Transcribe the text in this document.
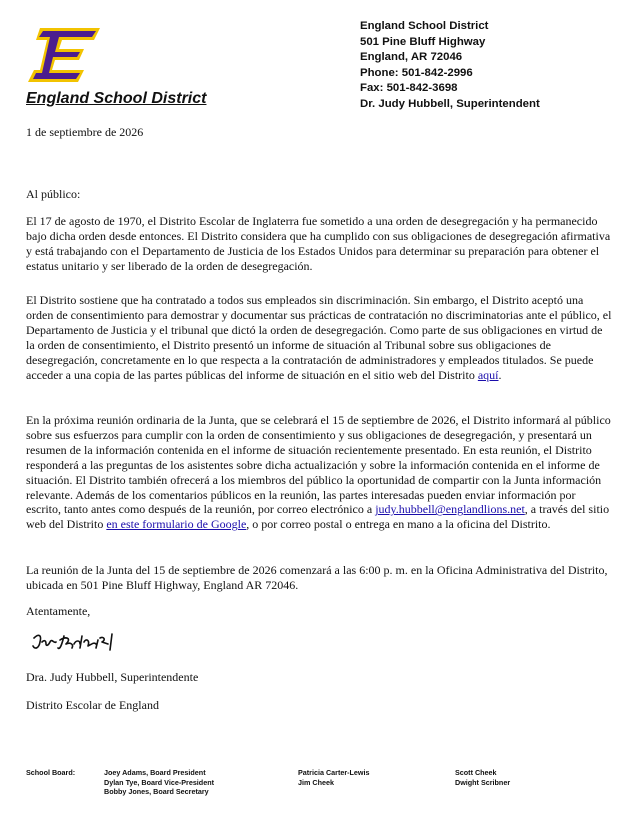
England School District
England School District
501 Pine Bluff Highway
England, AR 72046
Phone: 501-842-2996
Fax: 501-842-3698
Dr. Judy Hubbell, Superintendent
1 de septiembre de 2026
Al público:

El 17 de agosto de 1970, el Distrito Escolar de Inglaterra fue sometido a una orden de desegregación y ha permanecido bajo dicha orden desde entonces. El Distrito considera que ha cumplido con sus obligaciones de desegregación afirmativa y está trabajando con el Departamento de Justicia de los Estados Unidos para determinar su preparación para obtener el estatus unitario y ser liberado de la orden de desegregación.

El Distrito sostiene que ha contratado a todos sus empleados sin discriminación. Sin embargo, el Distrito aceptó una orden de consentimiento para demostrar y documentar sus prácticas de contratación no discriminatorias ante el público, el Departamento de Justicia y el tribunal que dictó la orden de desegregación. Como parte de sus obligaciones en virtud de la orden de consentimiento, el Distrito presentó un informe de situación al Tribunal sobre sus obligaciones de desegregación, concretamente en lo que respecta a la contratación de administradores y empleados titulados. Se puede acceder a una copia de las partes públicas del informe de situación en el sitio web del Distrito aquí.

En la próxima reunión ordinaria de la Junta, que se celebrará el 15 de septiembre de 2026, el Distrito informará al público sobre sus esfuerzos para cumplir con la orden de consentimiento y sus obligaciones de desegregación, y presentará un resumen de la información contenida en el informe de situación recientemente presentado. En esta reunión, el Distrito responderá a las preguntas de los asistentes sobre dicha actualización y sobre la información contenida en el informe de situación. El Distrito también ofrecerá a los miembros del público la oportunidad de compartir con la Junta información relevante. Además de los comentarios públicos en la reunión, las partes interesadas pueden enviar información por escrito, tanto antes como después de la reunión, por correo electrónico a judy.hubbell@englandlions.net, a través del sitio web del Distrito en este formulario de Google, o por correo postal o entrega en mano a la oficina del Distrito.

La reunión de la Junta del 15 de septiembre de 2026 comenzará a las 6:00 p. m. en la Oficina Administrativa del Distrito, ubicada en 501 Pine Bluff Highway, England AR 72046.

Atentamente,
Dra. Judy Hubbell, Superintendente
Distrito Escolar de England
School Board:	Joey Adams, Board President
Dylan Tye, Board Vice-President
Bobby Jones, Board Secretary
Patricia Carter-Lewis
Jim Cheek
Scott Cheek
Dwight Scribner
